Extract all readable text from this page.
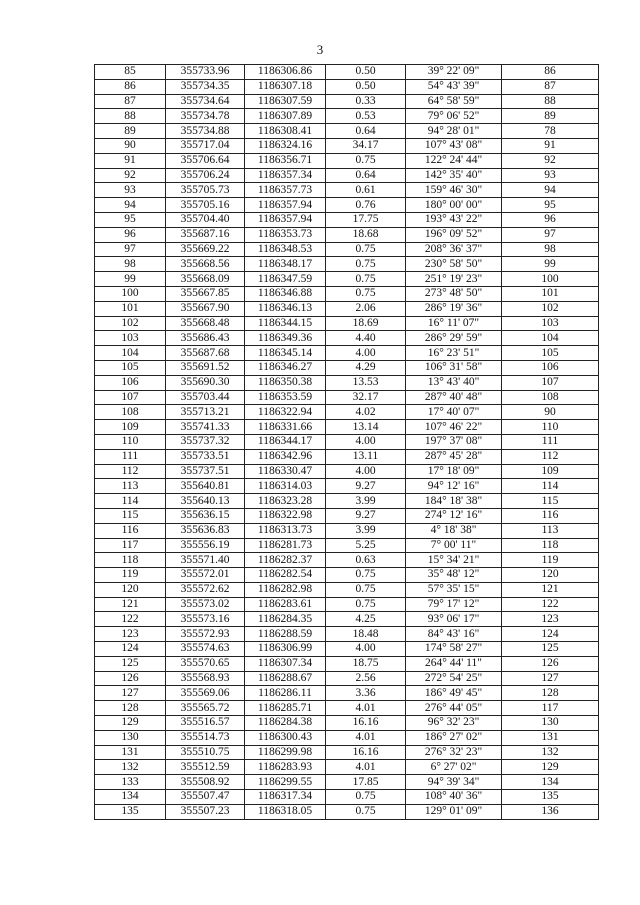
3
85	355733.96	1186306.86	0.50	39° 22' 09"	86
86	355734.35	1186307.18	0.50	54° 43' 39"	87
87	355734.64	1186307.59	0.33	64° 58' 59"	88
88	355734.78	1186307.89	0.53	79° 06' 52"	89
89	355734.88	1186308.41	0.64	94° 28' 01"	78
90	355717.04	1186324.16	34.17	107° 43' 08"	91
91	355706.64	1186356.71	0.75	122° 24' 44"	92
92	355706.24	1186357.34	0.64	142° 35' 40"	93
93	355705.73	1186357.73	0.61	159° 46' 30"	94
94	355705.16	1186357.94	0.76	180° 00' 00"	95
95	355704.40	1186357.94	17.75	193° 43' 22"	96
96	355687.16	1186353.73	18.68	196° 09' 52"	97
97	355669.22	1186348.53	0.75	208° 36' 37"	98
98	355668.56	1186348.17	0.75	230° 58' 50"	99
99	355668.09	1186347.59	0.75	251° 19' 23"	100
100	355667.85	1186346.88	0.75	273° 48' 50"	101
101	355667.90	1186346.13	2.06	286° 19' 36"	102
102	355668.48	1186344.15	18.69	16° 11' 07"	103
103	355686.43	1186349.36	4.40	286° 29' 59"	104
104	355687.68	1186345.14	4.00	16° 23' 51"	105
105	355691.52	1186346.27	4.29	106° 31' 58"	106
106	355690.30	1186350.38	13.53	13° 43' 40"	107
107	355703.44	1186353.59	32.17	287° 40' 48"	108
108	355713.21	1186322.94	4.02	17° 40' 07"	90
109	355741.33	1186331.66	13.14	107° 46' 22"	110
110	355737.32	1186344.17	4.00	197° 37' 08"	111
111	355733.51	1186342.96	13.11	287° 45' 28"	112
112	355737.51	1186330.47	4.00	17° 18' 09"	109
113	355640.81	1186314.03	9.27	94° 12' 16"	114
114	355640.13	1186323.28	3.99	184° 18' 38"	115
115	355636.15	1186322.98	9.27	274° 12' 16"	116
116	355636.83	1186313.73	3.99	4° 18' 38"	113
117	355556.19	1186281.73	5.25	7° 00' 11"	118
118	355571.40	1186282.37	0.63	15° 34' 21"	119
119	355572.01	1186282.54	0.75	35° 48' 12"	120
120	355572.62	1186282.98	0.75	57° 35' 15"	121
121	355573.02	1186283.61	0.75	79° 17' 12"	122
122	355573.16	1186284.35	4.25	93° 06' 17"	123
123	355572.93	1186288.59	18.48	84° 43' 16"	124
124	355574.63	1186306.99	4.00	174° 58' 27"	125
125	355570.65	1186307.34	18.75	264° 44' 11"	126
126	355568.93	1186288.67	2.56	272° 54' 25"	127
127	355569.06	1186286.11	3.36	186° 49' 45"	128
128	355565.72	1186285.71	4.01	276° 44' 05"	117
129	355516.57	1186284.38	16.16	96° 32' 23"	130
130	355514.73	1186300.43	4.01	186° 27' 02"	131
131	355510.75	1186299.98	16.16	276° 32' 23"	132
132	355512.59	1186283.93	4.01	6° 27' 02"	129
133	355508.92	1186299.55	17.85	94° 39' 34"	134
134	355507.47	1186317.34	0.75	108° 40' 36"	135
135	355507.23	1186318.05	0.75	129° 01' 09"	136
